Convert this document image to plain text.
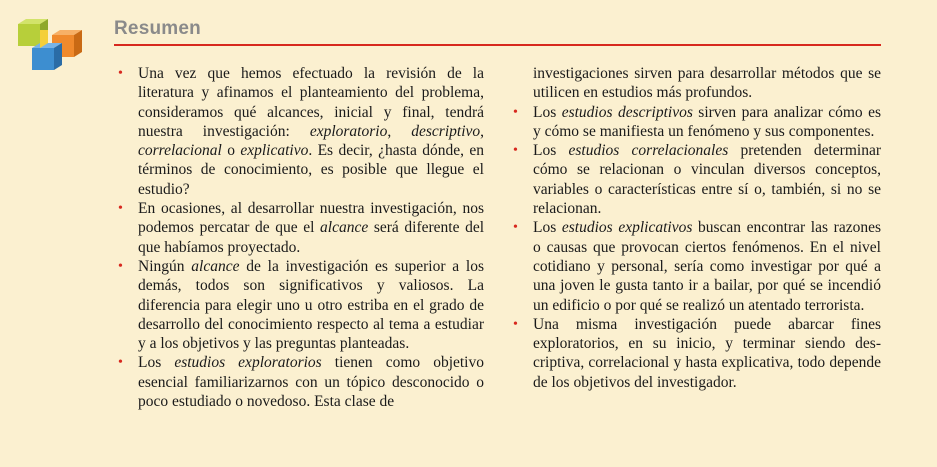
Resumen
• Una vez que hemos efectuado la revisión de la literatura y afinamos el planteamiento del problema, consideramos qué alcances, inicial y final, tendrá nuestra investigación: exploratorio, descriptivo, correlacional o explicativo. Es decir, ¿hasta dónde, en términos de conocimiento, es posible que llegue el estudio?
• En ocasiones, al desarrollar nuestra investigación, nos podemos percatar de que el alcance será diferente del que habíamos proyectado.
• Ningún alcance de la investigación es superior a los demás, todos son significativos y valiosos. La diferencia para elegir uno u otro estriba en el grado de desarrollo del conocimiento respecto al tema a estudiar y a los objetivos y las preguntas planteadas.
• Los estudios exploratorios tienen como objetivo esencial familiarizarnos con un tópico desconocido o poco estudiado o novedoso. Esta clase de
investigaciones sirven para desarrollar métodos que se utilicen en estudios más profundos.
• Los estudios descriptivos sirven para analizar cómo es y cómo se manifiesta un fenómeno y sus componentes.
• Los estudios correlacionales pretenden determinar cómo se relacionan o vinculan diversos conceptos, variables o características entre sí o, también, si no se relacionan.
• Los estudios explicativos buscan encontrar las razones o causas que provocan ciertos fenómenos. En el nivel cotidiano y personal, sería como investigar por qué a una joven le gusta tanto ir a bailar, por qué se incendió un edificio o por qué se realizó un atentado terrorista.
• Una misma investigación puede abarcar fines exploratorios, en su inicio, y terminar siendo descriptiva, correlacional y hasta explicativa, todo depende de los objetivos del investigador.
